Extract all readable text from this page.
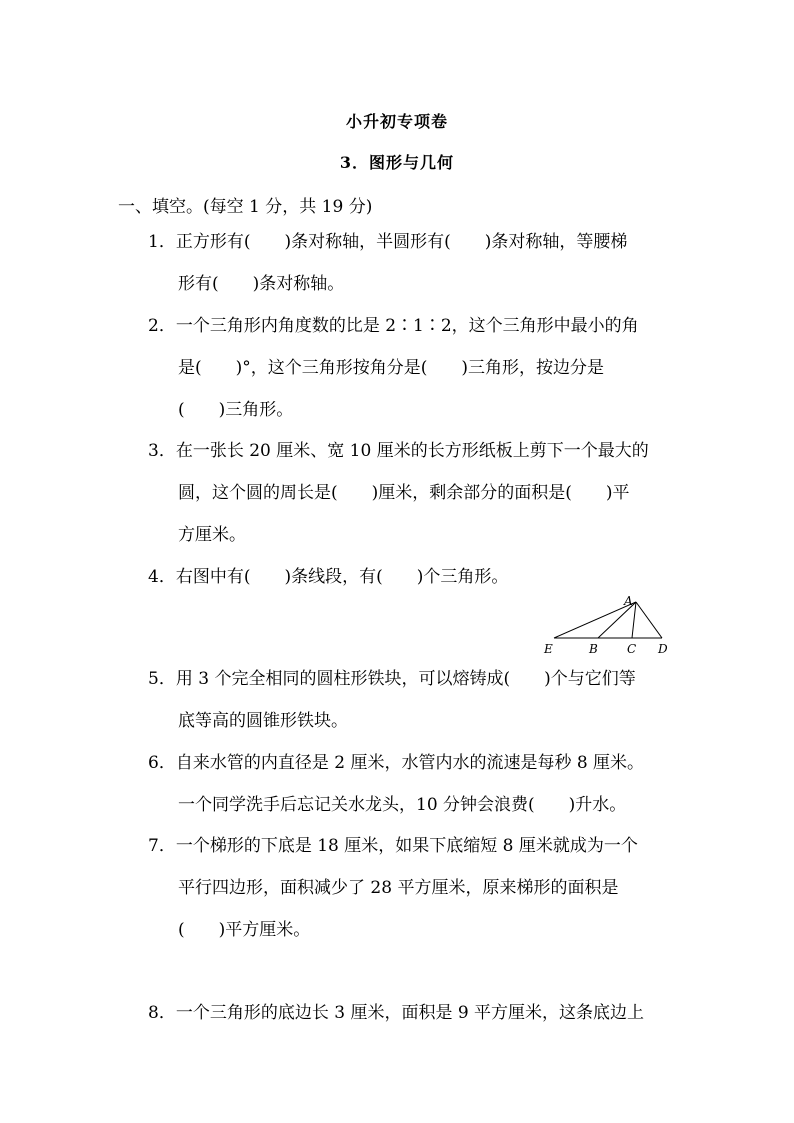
小升初专项卷
3．图形与几何
一、填空。(每空 1 分，共 19 分)
1．正方形有(　　)条对称轴，半圆形有(　　)条对称轴，等腰梯
形有(　　)条对称轴。
2．一个三角形内角度数的比是 2∶1∶2，这个三角形中最小的角
是(　　)°，这个三角形按角分是(　　)三角形，按边分是
(　　)三角形。
3．在一张长 20 厘米、宽 10 厘米的长方形纸板上剪下一个最大的
圆，这个圆的周长是(　　)厘米，剩余部分的面积是(　　)平
方厘米。
4．右图中有(　　)条线段，有(　　)个三角形。
A
E	B C D
5．用 3 个完全相同的圆柱形铁块，可以熔铸成(　　)个与它们等
底等高的圆锥形铁块。
6．自来水管的内直径是 2 厘米，水管内水的流速是每秒 8 厘米。
一个同学洗手后忘记关水龙头，10 分钟会浪费(　　)升水。
7．一个梯形的下底是 18 厘米，如果下底缩短 8 厘米就成为一个
平行四边形，面积减少了 28 平方厘米，原来梯形的面积是
(　　)平方厘米。
8．一个三角形的底边长 3 厘米，面积是 9 平方厘米，这条底边上
